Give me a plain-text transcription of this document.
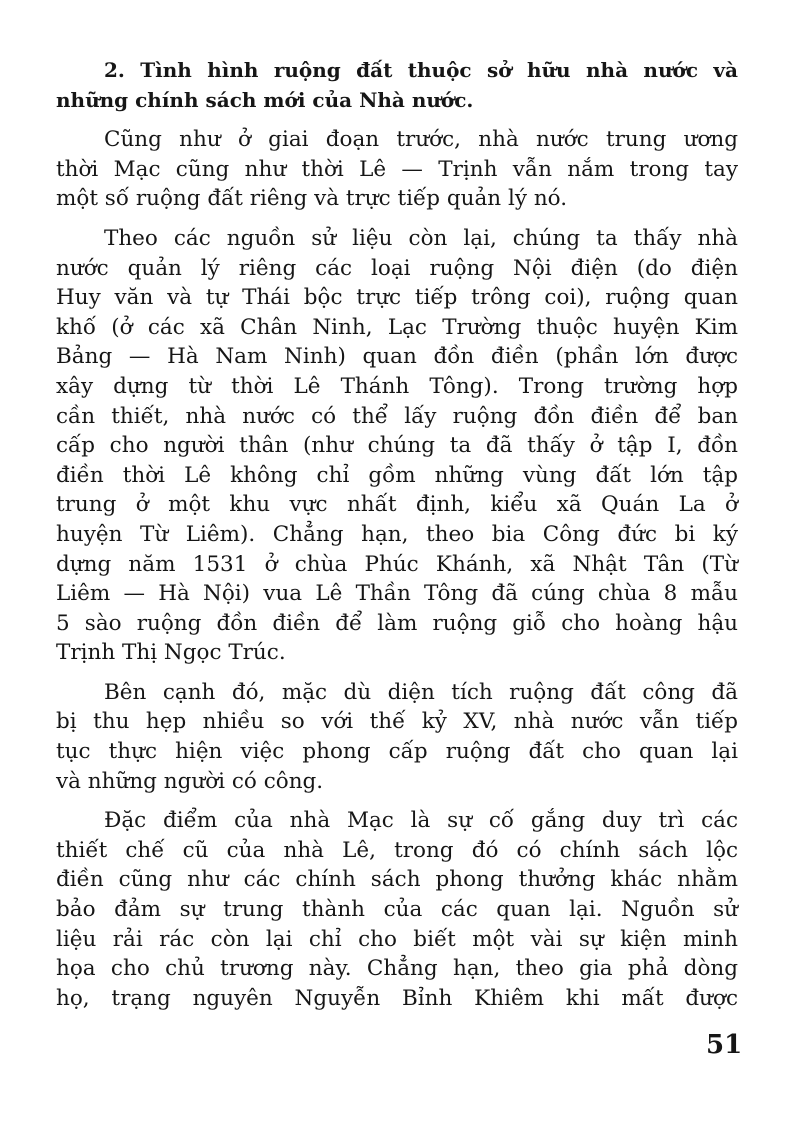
2. Tình hình ruộng đất thuộc sở hữu nhà nước và
những chính sách mới của Nhà nước.
Cũng như ở giai đoạn trước, nhà nước trung ương
thời Mạc cũng như thời Lê — Trịnh vẫn nắm trong tay
một số ruộng đất riêng và trực tiếp quản lý nó.
Theo các nguồn sử liệu còn lại, chúng ta thấy nhà
nước quản lý riêng các loại ruộng Nội điện (do điện
Huy văn và tự Thái bộc trực tiếp trông coi), ruộng quan
khố (ở các xã Chân Ninh, Lạc Trường thuộc huyện Kim
Bảng — Hà Nam Ninh) quan đồn điền (phần lớn được
xây dựng từ thời Lê Thánh Tông). Trong trường hợp
cần thiết, nhà nước có thể lấy ruộng đồn điền để ban
cấp cho người thân (như chúng ta đã thấy ở tập I, đồn
điền thời Lê không chỉ gồm những vùng đất lớn tập
trung ở một khu vực nhất định, kiểu xã Quán La ở
huyện Từ Liêm). Chẳng hạn, theo bia Công đức bi ký
dựng năm 1531 ở chùa Phúc Khánh, xã Nhật Tân (Từ
Liêm — Hà Nội) vua Lê Thần Tông đã cúng chùa 8 mẫu
5 sào ruộng đồn điền để làm ruộng giỗ cho hoàng hậu
Trịnh Thị Ngọc Trúc.
Bên cạnh đó, mặc dù diện tích ruộng đất công đã
bị thu hẹp nhiều so với thế kỷ XV, nhà nước vẫn tiếp
tục thực hiện việc phong cấp ruộng đất cho quan lại
và những người có công.
Đặc điểm của nhà Mạc là sự cố gắng duy trì các
thiết chế cũ của nhà Lê, trong đó có chính sách lộc
điền cũng như các chính sách phong thưởng khác nhằm
bảo đảm sự trung thành của các quan lại. Nguồn sử
liệu rải rác còn lại chỉ cho biết một vài sự kiện minh
họa cho chủ trương này. Chẳng hạn, theo gia phả dòng
họ, trạng nguyên Nguyễn Bỉnh Khiêm khi mất được
51
